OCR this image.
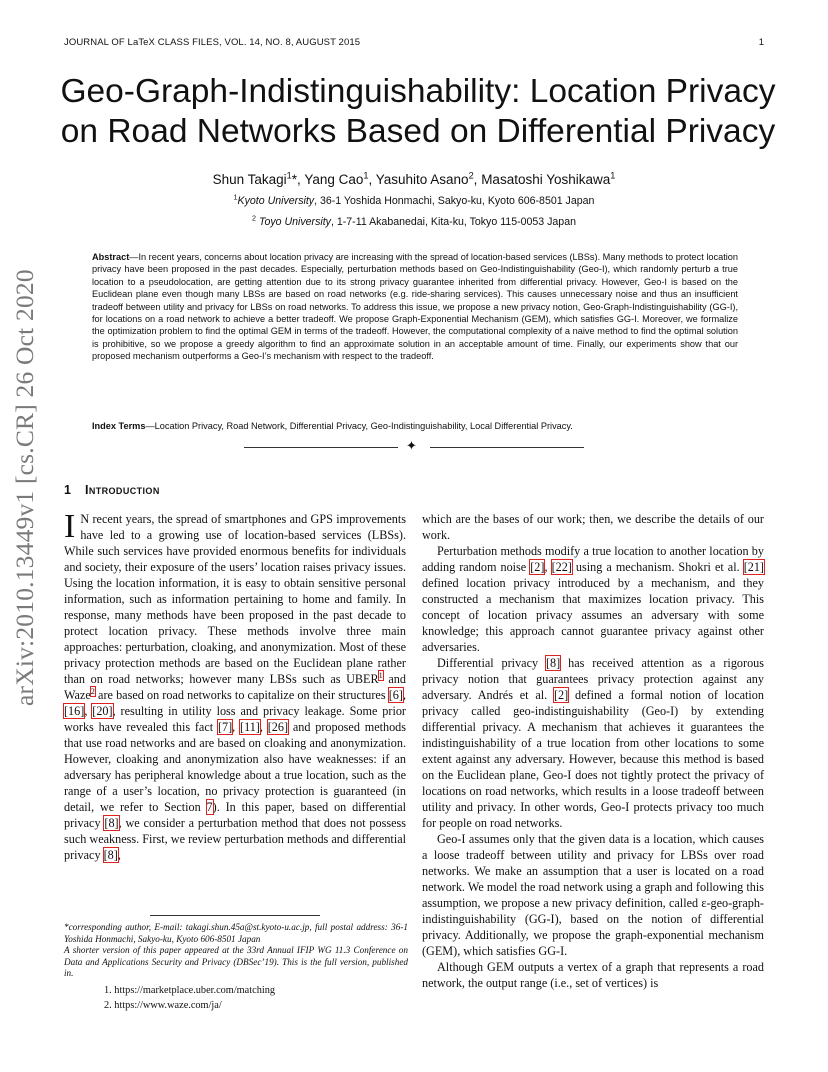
JOURNAL OF LaTeX CLASS FILES, VOL. 14, NO. 8, AUGUST 2015	1
arXiv:2010.13449v1 [cs.CR] 26 Oct 2020
Geo-Graph-Indistinguishability: Location Privacy
on Road Networks Based on Differential Privacy
Shun Takagi$^1$*, Yang Cao$^1$, Yasuhito Asano$^2$, Masatoshi Yoshikawa$^1$
$^1$Kyoto University, 36-1 Yoshida Honmachi, Sakyo-ku, Kyoto 606-8501 Japan
$^2$ Toyo University, 1-7-11 Akabanedai, Kita-ku, Tokyo 115-0053 Japan

Abstract—In recent years, concerns about location privacy are increasing with the spread of location-based services (LBSs). Many methods to protect location privacy have been proposed in the past decades. Especially, perturbation methods based on Geo-Indistinguishability (Geo-I), which randomly perturb a true location to a pseudolocation, are getting attention due to its strong privacy guarantee inherited from differential privacy. However, Geo-I is based on the Euclidean plane even though many LBSs are based on road networks (e.g. ride-sharing services). This causes unnecessary noise and thus an insufficient tradeoff between utility and privacy for LBSs on road networks. To address this issue, we propose a new privacy notion, Geo-Graph-Indistinguishability (GG-I), for locations on a road network to achieve a better tradeoff. We propose Graph-Exponential Mechanism (GEM), which satisfies GG-I. Moreover, we formalize the optimization problem to find the optimal GEM in terms of the tradeoff. However, the computational complexity of a naive method to find the optimal solution is prohibitive, so we propose a greedy algorithm to find an approximate solution in an acceptable amount of time. Finally, our experiments show that our proposed mechanism outperforms a Geo-I’s mechanism with respect to the tradeoff.

Index Terms—Location Privacy, Road Network, Differential Privacy, Geo-Indistinguishability, Local Differential Privacy.
✦
1 Introduction

I N recent years, the spread of smartphones and GPS improvements have led to a growing use of location-based services (LBSs). While such services have provided enormous benefits for individuals and society, their exposure of the users’ location raises privacy issues. Using the location information, it is easy to obtain sensitive personal information, such as information pertaining to home and family. In response, many methods have been proposed in the past decade to protect location privacy. These methods involve three main approaches: perturbation, cloaking, and anonymization. Most of these privacy protection methods are based on the Euclidean plane rather than on road networks; however many LBSs such as UBER$^1$ and Waze$^2$ are based on road networks to capitalize on their structures [6], [16], [20], resulting in utility loss and privacy leakage. Some prior works have revealed this fact [7], [11], [26] and proposed methods that use road networks and are based on cloaking and anonymization. However, cloaking and anonymization also have weaknesses: if an adversary has peripheral knowledge about a true location, such as the range of a user’s location, no privacy protection is guaranteed (in detail, we refer to Section 7). In this paper, based on differential privacy [8], we consider a perturbation method that does not possess such weakness. First, we review perturbation methods and differential privacy [8],

which are the bases of our work; then, we describe the details of our work.

Perturbation methods modify a true location to another location by adding random noise [2], [22] using a mechanism. Shokri et al. [21] defined location privacy introduced by a mechanism, and they constructed a mechanism that maximizes location privacy. This concept of location privacy assumes an adversary with some knowledge; this approach cannot guarantee privacy against other adversaries.

Differential privacy [8] has received attention as a rigorous privacy notion that guarantees privacy protection against any adversary. Andrés et al. [2] defined a formal notion of location privacy called geo-indistinguishability (Geo-I) by extending differential privacy. A mechanism that achieves it guarantees the indistinguishability of a true location from other locations to some extent against any adversary. However, because this method is based on the Euclidean plane, Geo-I does not tightly protect the privacy of locations on road networks, which results in a loose tradeoff between utility and privacy. In other words, Geo-I protects privacy too much for people on road networks.

Geo-I assumes only that the given data is a location, which causes a loose tradeoff between utility and privacy for LBSs over road networks. We make an assumption that a user is located on a road network. We model the road network using a graph and following this assumption, we propose a new privacy definition, called ε-geo-graph-indistinguishability (GG-I), based on the notion of differential privacy. Additionally, we propose the graph-exponential mechanism (GEM), which satisfies GG-I.

Although GEM outputs a vertex of a graph that represents a road network, the output range (i.e., set of vertices) is

*corresponding author, E-mail: takagi.shun.45a@st.kyoto-u.ac.jp, full postal address: 36-1 Yoshida Honmachi, Sakyo-ku, Kyoto 606-8501 Japan
A shorter version of this paper appeared at the 33rd Annual IFIP WG 11.3 Conference on Data and Applications Security and Privacy (DBSec’19). This is the full version, published in.

1. https://marketplace.uber.com/matching
2. https://www.waze.com/ja/
